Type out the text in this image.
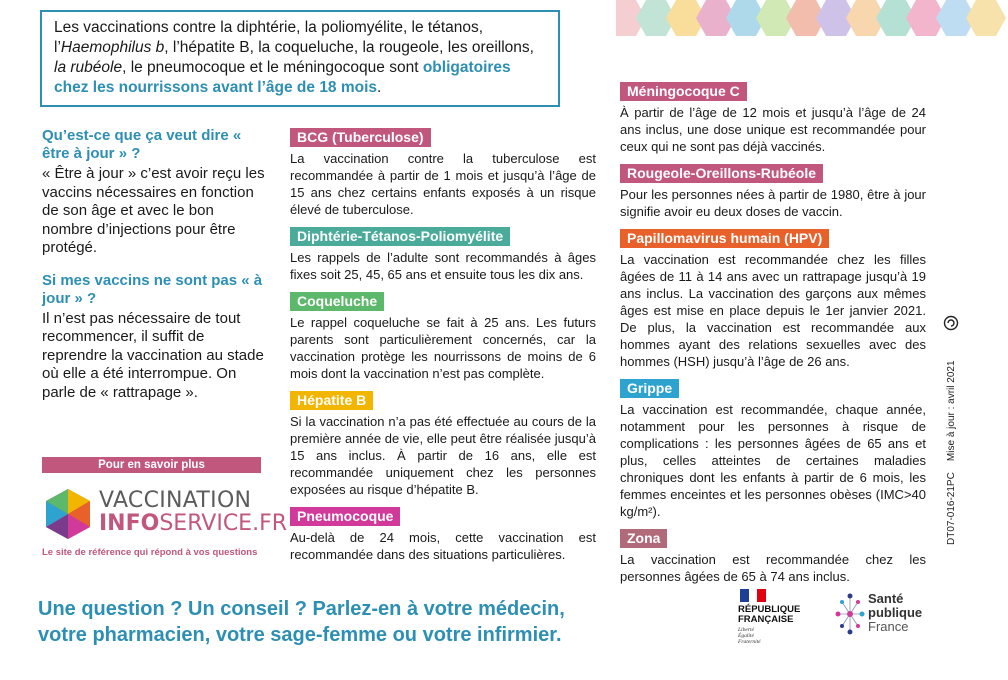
Les vaccinations contre la diphtérie, la poliomyélite, le tétanos,
l’Haemophilus b, l’hépatite B, la coqueluche, la rougeole, les oreillons,
la rubéole, le pneumocoque et le méningocoque sont obligatoires
chez les nourrissons avant l’âge de 18 mois.
Qu’est-ce que ça veut dire « être à jour » ?
« Être à jour » c’est avoir reçu les vaccins nécessaires en fonction de son âge et avec le bon nombre d’injections pour être protégé.
Si mes vaccins ne sont pas « à jour » ?
Il n’est pas nécessaire de tout recommencer, il suffit de reprendre la vaccination au stade où elle a été interrompue. On parle de « rattrapage ».
BCG (Tuberculose)
La vaccination contre la tuberculose est recommandée à partir de 1 mois et jusqu’à l’âge de 15 ans chez certains enfants exposés à un risque élevé de tuberculose.
Diphtérie-Tétanos-Poliomyélite
Les rappels de l’adulte sont recommandés à âges fixes soit 25, 45, 65 ans et ensuite tous les dix ans.
Coqueluche
Le rappel coqueluche se fait à 25 ans. Les futurs parents sont particulièrement concernés, car la vaccination protège les nourrissons de moins de 6 mois dont la vaccination n’est pas complète.
Hépatite B
Si la vaccination n’a pas été effectuée au cours de la première année de vie, elle peut être réalisée jusqu’à 15 ans inclus. À partir de 16 ans, elle est recommandée uniquement chez les personnes exposées au risque d’hépatite B.
Pneumocoque
Au-delà de 24 mois, cette vaccination est recommandée dans des situations particulières.
Méningocoque C
À partir de l’âge de 12 mois et jusqu’à l’âge de 24 ans inclus, une dose unique est recommandée pour ceux qui ne sont pas déjà vaccinés.
Rougeole-Oreillons-Rubéole
Pour les personnes nées à partir de 1980, être à jour signifie avoir eu deux doses de vaccin.
Papillomavirus humain (HPV)
La vaccination est recommandée chez les filles âgées de 11 à 14 ans avec un rattrapage jusqu’à 19 ans inclus. La vaccination des garçons aux mêmes âges est mise en place depuis le 1er janvier 2021. De plus, la vaccination est recommandée aux hommes ayant des relations sexuelles avec des hommes (HSH) jusqu’à l’âge de 26 ans.
Grippe
La vaccination est recommandée, chaque année, notamment pour les personnes à risque de complications : les personnes âgées de 65 ans et plus, celles atteintes de certaines maladies chroniques dont les enfants à partir de 6 mois, les femmes enceintes et les personnes obèses (IMC>40 kg/m²).
Zona
La vaccination est recommandée chez les personnes âgées de 65 à 74 ans inclus.
Pour en savoir plus
VACCINATION
INFOSERVICE.FR
Le site de référence qui répond à vos questions
Une question ? Un conseil ? Parlez-en à votre médecin,
votre pharmacien, votre sage-femme ou votre infirmier.
RÉPUBLIQUE
FRANÇAISE
Liberté
Égalité
Fraternité
Santé
publique
France
DT07-016-21PC    Mise à jour : avril 2021
